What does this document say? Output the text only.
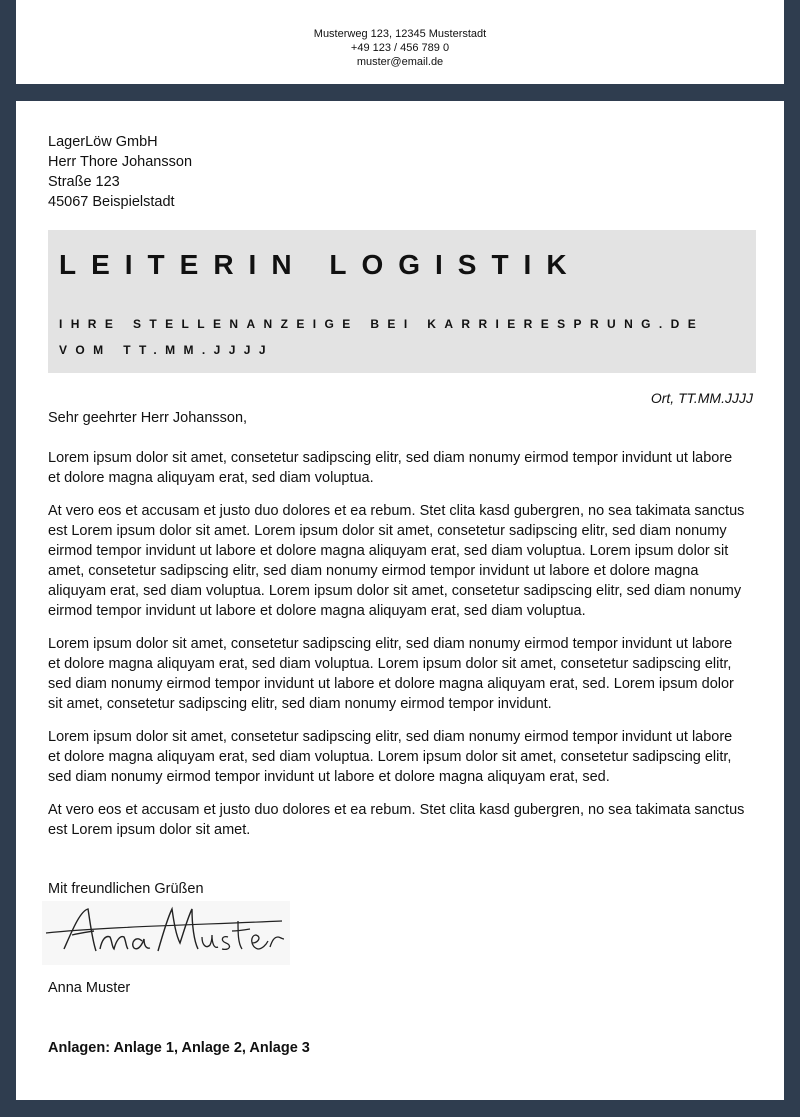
Musterweg 123, 12345 Musterstadt
+49 123 / 456 789 0
muster@email.de
LagerLöw GmbH
Herr Thore Johansson
Straße 123
45067 Beispielstadt
LEITERIN LOGISTIK
IHRE STELLENANZEIGE BEI KARRIERESPRUNG.DE VOM TT.MM.JJJJ
Ort, TT.MM.JJJJ
Sehr geehrter Herr Johansson,

Lorem ipsum dolor sit amet, consetetur sadipscing elitr, sed diam nonumy eirmod tempor invidunt ut labore et dolore magna aliquyam erat, sed diam voluptua.

At vero eos et accusam et justo duo dolores et ea rebum. Stet clita kasd gubergren, no sea takimata sanctus est Lorem ipsum dolor sit amet. Lorem ipsum dolor sit amet, consetetur sadipscing elitr, sed diam nonumy eirmod tempor invidunt ut labore et dolore magna aliquyam erat, sed diam voluptua. Lorem ipsum dolor sit amet, consetetur sadipscing elitr, sed diam nonumy eirmod tempor invidunt ut labore et dolore magna aliquyam erat, sed diam voluptua. Lorem ipsum dolor sit amet, consetetur sadipscing elitr, sed diam nonumy eirmod tempor invidunt ut labore et dolore magna aliquyam erat, sed diam voluptua.

Lorem ipsum dolor sit amet, consetetur sadipscing elitr, sed diam nonumy eirmod tempor invidunt ut labore et dolore magna aliquyam erat, sed diam voluptua. Lorem ipsum dolor sit amet, consetetur sadipscing elitr, sed diam nonumy eirmod tempor invidunt ut labore et dolore magna aliquyam erat, sed. Lorem ipsum dolor sit amet, consetetur sadipscing elitr, sed diam nonumy eirmod tempor invidunt.

Lorem ipsum dolor sit amet, consetetur sadipscing elitr, sed diam nonumy eirmod tempor invidunt ut labore et dolore magna aliquyam erat, sed diam voluptua. Lorem ipsum dolor sit amet, consetetur sadipscing elitr, sed diam nonumy eirmod tempor invidunt ut labore et dolore magna aliquyam erat, sed.

At vero eos et accusam et justo duo dolores et ea rebum. Stet clita kasd gubergren, no sea takimata sanctus est Lorem ipsum dolor sit amet.

Mit freundlichen Grüßen
Anna Muster
Anlagen: Anlage 1, Anlage 2, Anlage 3
